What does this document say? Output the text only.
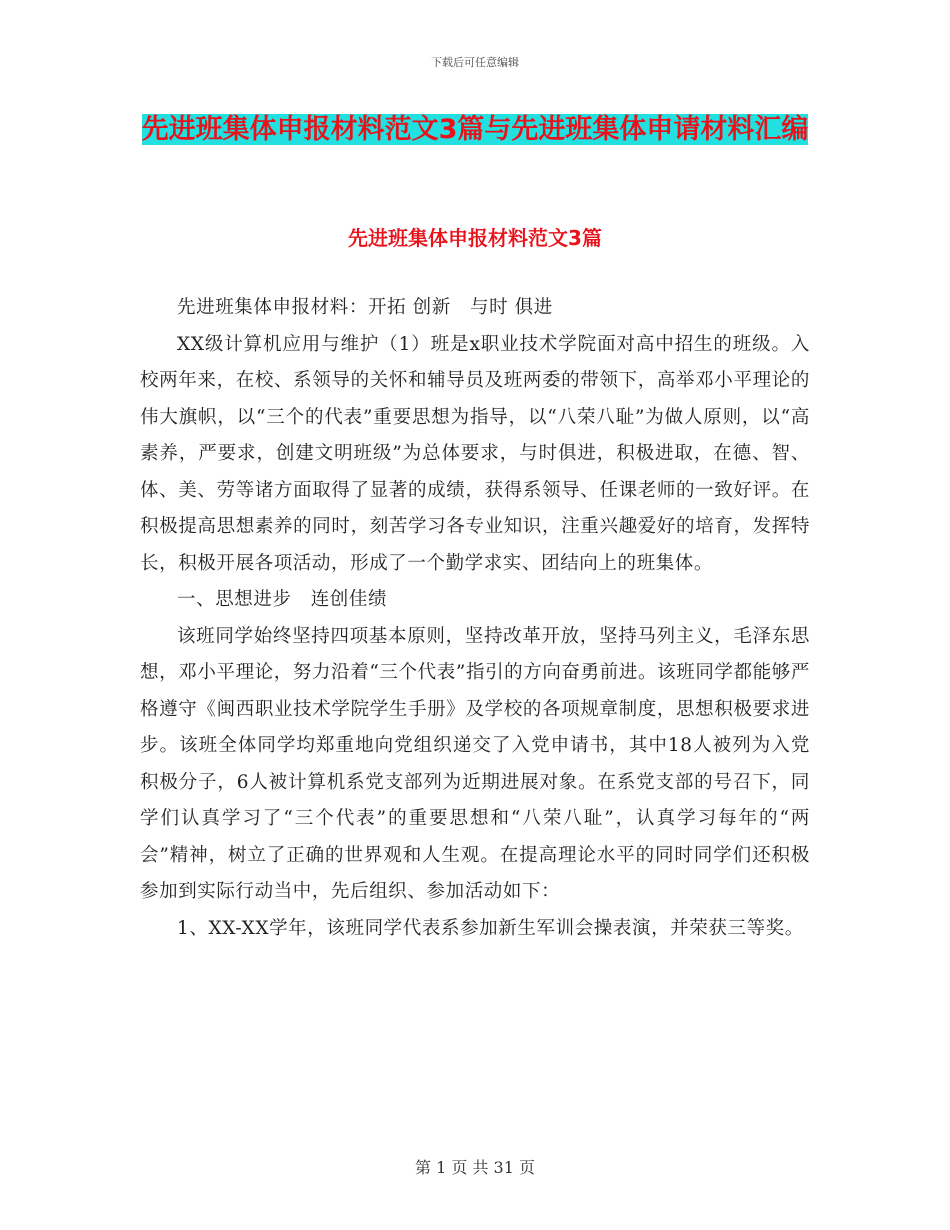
下载后可任意编辑
先进班集体申报材料范文3篇与先进班集体申请材料汇编
先进班集体申报材料范文3篇

先进班集体申报材料：开拓 创新　与时 俱进

XX级计算机应用与维护（1）班是x职业技术学院面对高中招生的班级。入校两年来，在校、系领导的关怀和辅导员及班两委的带领下，高举邓小平理论的伟大旗帜，以“三个的代表”重要思想为指导，以“八荣八耻”为做人原则，以“高素养，严要求，创建文明班级”为总体要求，与时俱进，积极进取，在德、智、体、美、劳等诸方面取得了显著的成绩，获得系领导、任课老师的一致好评。在积极提高思想素养的同时，刻苦学习各专业知识，注重兴趣爱好的培育，发挥特长，积极开展各项活动，形成了一个勤学求实、团结向上的班集体。

一、思想进步　连创佳绩

该班同学始终坚持四项基本原则，坚持改革开放，坚持马列主义，毛泽东思想，邓小平理论，努力沿着“三个代表”指引的方向奋勇前进。该班同学都能够严格遵守《闽西职业技术学院学生手册》及学校的各项规章制度，思想积极要求进步。该班全体同学均郑重地向党组织递交了入党申请书，其中18人被列为入党积极分子，6人被计算机系党支部列为近期进展对象。在系党支部的号召下，同学们认真学习了“三个代表”的重要思想和“八荣八耻”，认真学习每年的“两会”精神，树立了正确的世界观和人生观。在提高理论水平的同时同学们还积极参加到实际行动当中，先后组织、参加活动如下：

1、XX-XX学年，该班同学代表系参加新生军训会操表演，并荣获三等奖。

第 1 页 共 31 页
